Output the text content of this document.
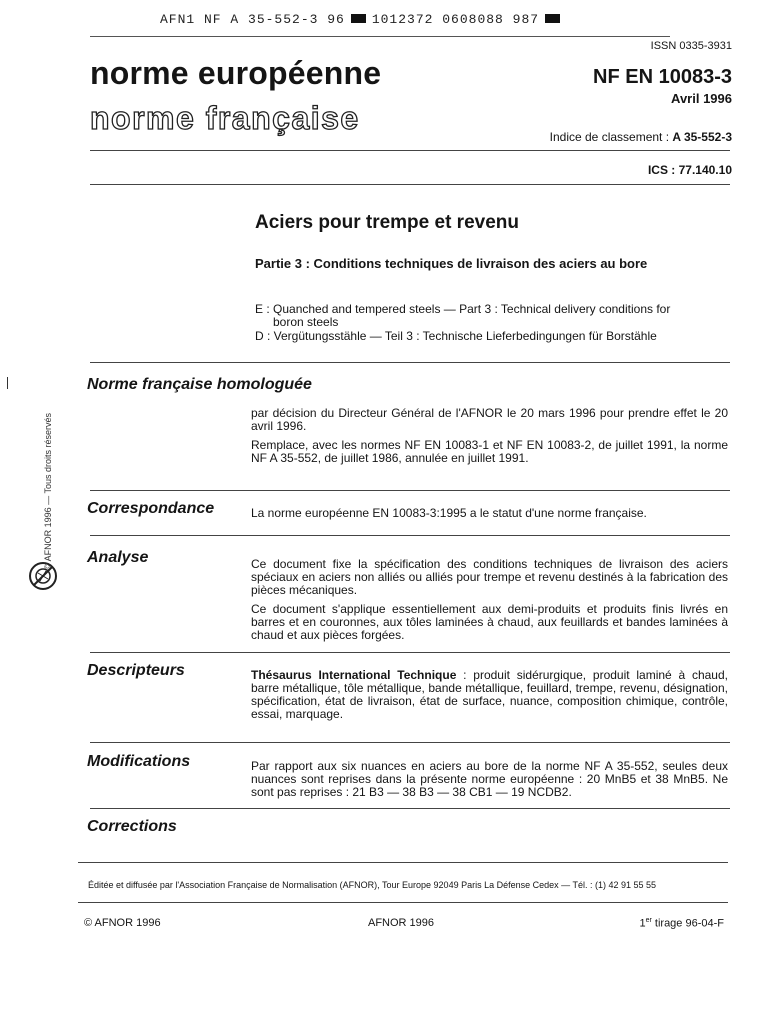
AFN1 NF A 35-552-3 96 1012372 0608088 987
ISSN 0335-3931
norme européenne
norme française
NF EN 10083-3
Avril 1996
Indice de classement : A 35-552-3
ICS : 77.140.10
Aciers pour trempe et revenu
Partie 3 : Conditions techniques de livraison des aciers au bore
E : Quanched and tempered steels — Part 3 : Technical delivery conditions for
boron steels
D : Vergütungsstähle — Teil 3 : Technische Lieferbedingungen für Borstähle
© AFNOR 1996 — Tous droits réservés
Norme française homologuée

par décision du Directeur Général de l'AFNOR le 20 mars 1996 pour prendre effet le 20 avril 1996.

Remplace, avec les normes NF EN 10083-1 et NF EN 10083-2, de juillet 1991, la norme NF A 35-552, de juillet 1986, annulée en juillet 1991.

Correspondance	La norme européenne EN 10083-3:1995 a le statut d'une norme française.

Analyse	Ce document fixe la spécification des conditions techniques de livraison des aciers spéciaux en aciers non alliés ou alliés pour trempe et revenu destinés à la fabrication des pièces mécaniques.

Ce document s'applique essentiellement aux demi-produits et produits finis livrés en barres et en couronnes, aux tôles laminées à chaud, aux feuillards et bandes laminées à chaud et aux pièces forgées.

Descripteurs	Thésaurus International Technique : produit sidérurgique, produit laminé à chaud, barre métallique, tôle métallique, bande métallique, feuillard, trempe, revenu, désignation, spécification, état de livraison, état de surface, nuance, composition chimique, contrôle, essai, marquage.

Modifications	Par rapport aux six nuances en aciers au bore de la norme NF A 35-552, seules deux nuances sont reprises dans la présente norme européenne : 20 MnB5 et 38 MnB5. Ne sont pas reprises : 21 B3 — 38 B3 — 38 CB1 — 19 NCDB2.

Corrections
Éditée et diffusée par l'Association Française de Normalisation (AFNOR), Tour Europe 92049 Paris La Défense Cedex — Tél. : (1) 42 91 55 55
© AFNOR 1996	AFNOR 1996	1er tirage 96-04-F
